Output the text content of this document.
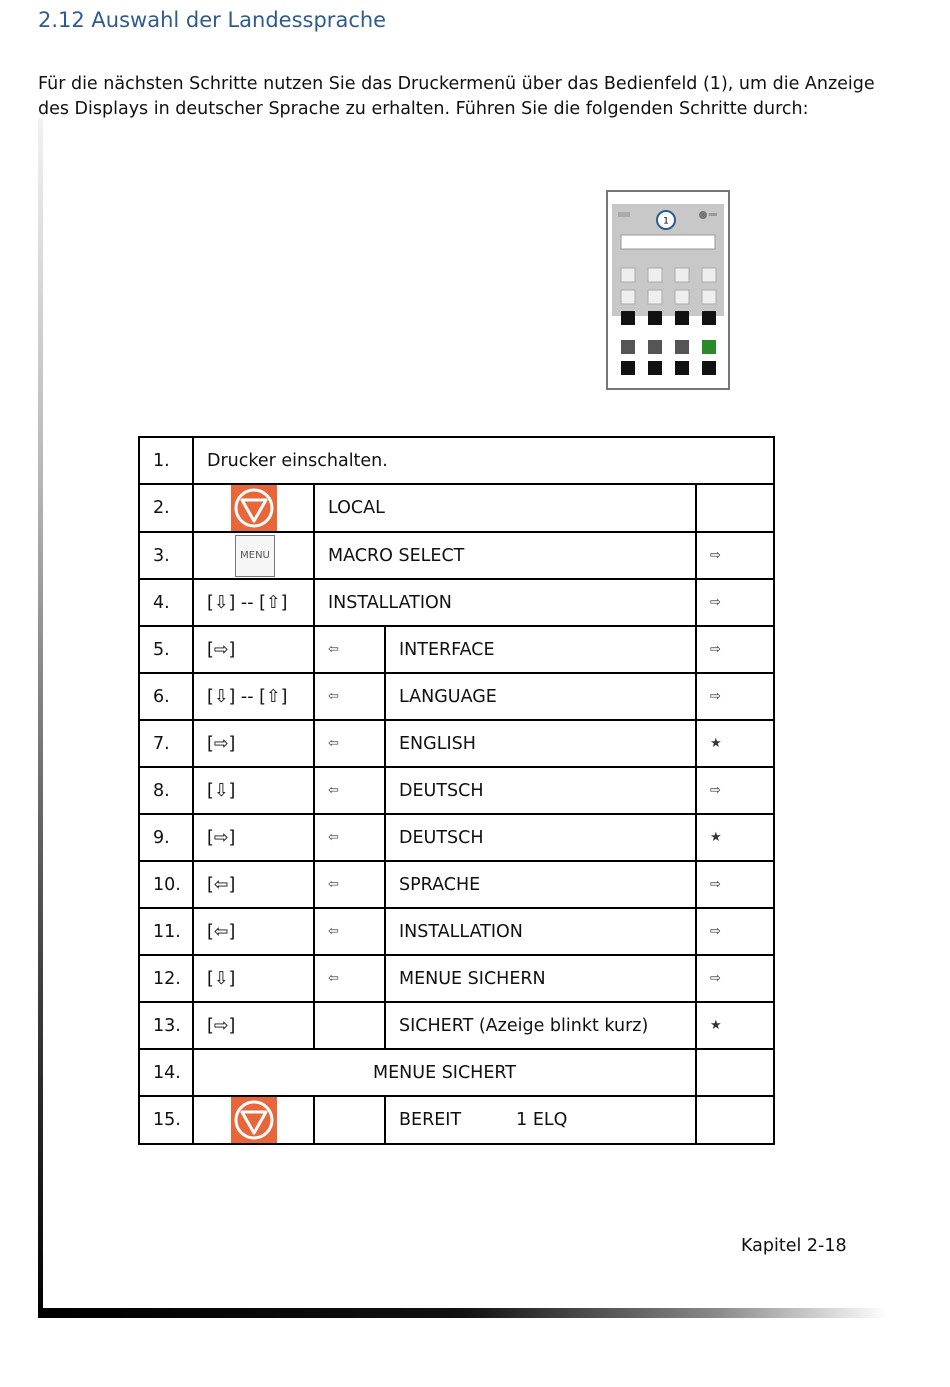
2.12 Auswahl der Landessprache

Für die nächsten Schritte nutzen Sie das Druckermenü über das Bedienfeld (1), um die Anzeige des Displays in deutscher Sprache zu erhalten. Führen Sie die folgenden Schritte durch:

1
1.	Drucker einschalten.			
2.		LOCAL		
3.	MENU	MACRO SELECT		⇨
4.	[⇩] -- [⇧]	INSTALLATION		⇨
5.	[⇨]	⇦	INTERFACE	⇨
6.	[⇩] -- [⇧]	⇦	LANGUAGE	⇨
7.	[⇨]	⇦	ENGLISH	★
8.	[⇩]	⇦	DEUTSCH	⇨
9.	[⇨]	⇦	DEUTSCH	★
10.	[⇦]	⇦	SPRACHE	⇨
11.	[⇦]	⇦	INSTALLATION	⇨
12.	[⇩]	⇦	MENUE SICHERN	⇨
13.	[⇨]		SICHERT (Azeige blinkt kurz)	★
14.	MENUE SICHERT			
15.			BEREIT 1 ELQ	
Kapitel 2-18
